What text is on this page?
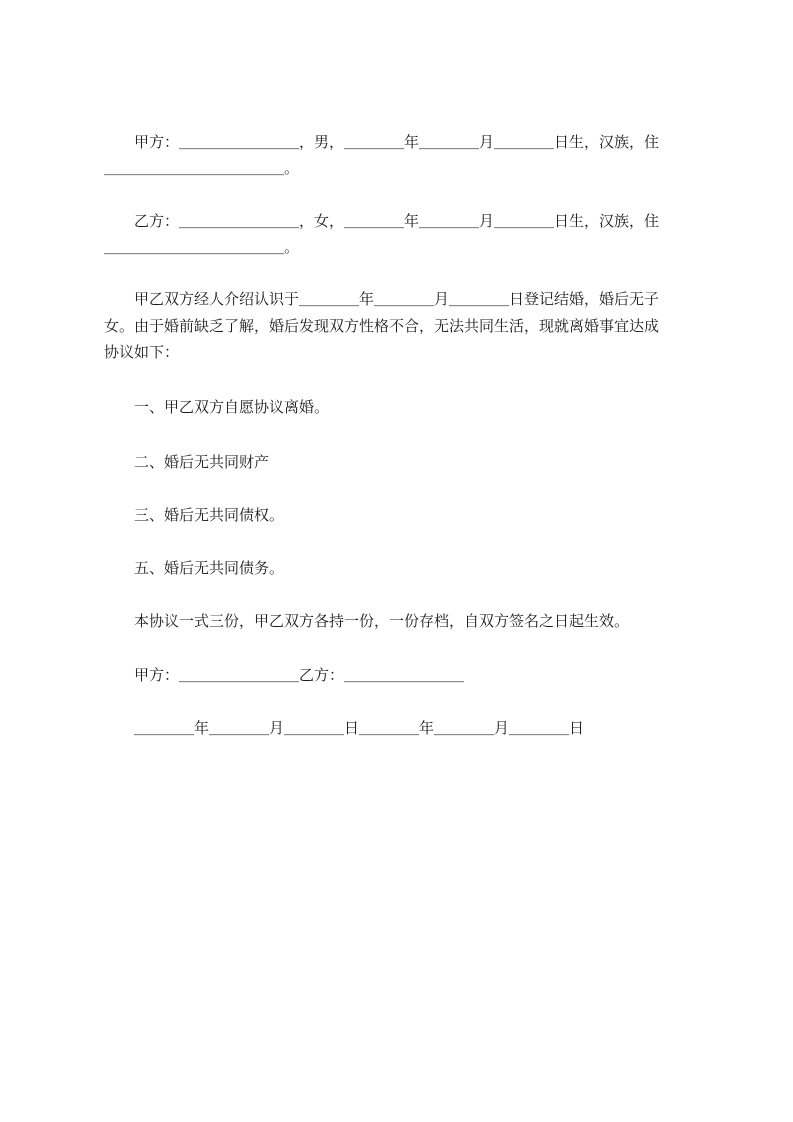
　　甲方：＿＿＿＿＿＿＿＿，男，＿＿＿＿年＿＿＿＿月＿＿＿＿日生，汉族，住
＿＿＿＿＿＿＿＿＿＿＿＿。
　　乙方：＿＿＿＿＿＿＿＿，女，＿＿＿＿年＿＿＿＿月＿＿＿＿日生，汉族，住
＿＿＿＿＿＿＿＿＿＿＿＿。
　　甲乙双方经人介绍认识于＿＿＿＿年＿＿＿＿月＿＿＿＿日登记结婚，婚后无子
女。由于婚前缺乏了解，婚后发现双方性格不合，无法共同生活，现就离婚事宜达成
协议如下：
　　一、甲乙双方自愿协议离婚。
　　二、婚后无共同财产
　　三、婚后无共同债权。
　　五、婚后无共同债务。
　　本协议一式三份，甲乙双方各持一份，一份存档，自双方签名之日起生效。
　　甲方：＿＿＿＿＿＿＿＿乙方：＿＿＿＿＿＿＿＿
　　＿＿＿＿年＿＿＿＿月＿＿＿＿日＿＿＿＿年＿＿＿＿月＿＿＿＿日
